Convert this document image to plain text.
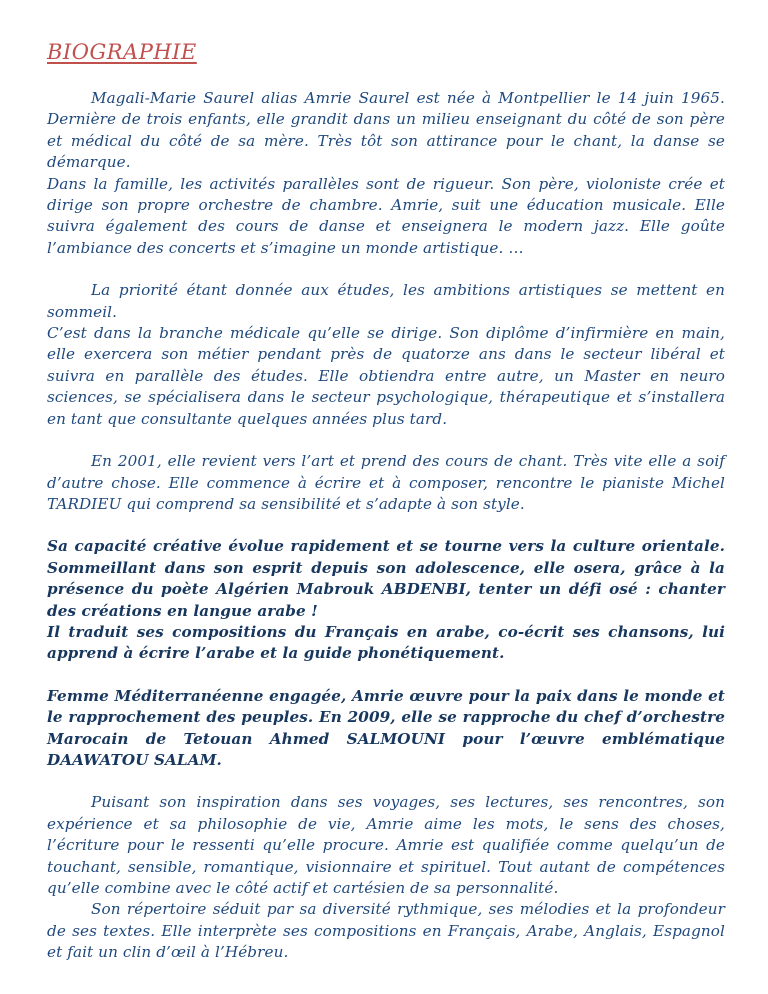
BIOGRAPHIE
Magali-Marie Saurel alias Amrie Saurel est née à Montpellier le 14 juin 1965. Dernière de trois enfants, elle grandit dans un milieu enseignant du côté de son père et médical du côté de sa mère. Très tôt son attirance pour le chant, la danse se démarque.
Dans la famille, les activités parallèles sont de rigueur. Son père, violoniste crée et dirige son propre orchestre de chambre. Amrie, suit une éducation musicale. Elle suivra également des cours de danse et enseignera le modern jazz. Elle goûte l’ambiance des concerts et s’imagine un monde artistique. …
La priorité étant donnée aux études, les ambitions artistiques se mettent en sommeil.
C’est dans la branche médicale qu’elle se dirige. Son diplôme d’infirmière en main, elle exercera son métier pendant près de quatorze ans dans le secteur libéral et suivra en parallèle des études. Elle obtiendra entre autre, un Master en neuro sciences, se spécialisera dans le secteur psychologique, thérapeutique et s’installera en tant que consultante quelques années plus tard.
En 2001, elle revient vers l’art et prend des cours de chant. Très vite elle a soif d’autre chose. Elle commence à écrire et à composer, rencontre le pianiste Michel TARDIEU qui comprend sa sensibilité et s’adapte à son style.
Sa capacité créative évolue rapidement et se tourne vers la culture orientale. Sommeillant dans son esprit depuis son adolescence, elle osera, grâce à la présence du poète Algérien Mabrouk ABDENBI, tenter un défi osé : chanter des créations en langue arabe !
Il traduit ses compositions du Français en arabe, co-écrit ses chansons, lui apprend à écrire l’arabe et la guide phonétiquement.
Femme Méditerranéenne engagée, Amrie œuvre pour la paix dans le monde et le rapprochement des peuples. En 2009, elle se rapproche du chef d’orchestre Marocain de Tetouan Ahmed SALMOUNI pour l’œuvre emblématique DAAWATOU SALAM.
Puisant son inspiration dans ses voyages, ses lectures, ses rencontres, son expérience et sa philosophie de vie, Amrie aime les mots, le sens des choses, l’écriture pour le ressenti qu’elle procure. Amrie est qualifiée comme quelqu’un de touchant, sensible, romantique, visionnaire et spirituel. Tout autant de compétences qu’elle combine avec le côté actif et cartésien de sa personnalité.
Son répertoire séduit par sa diversité rythmique, ses mélodies et la profondeur de ses textes. Elle interprète ses compositions en Français, Arabe, Anglais, Espagnol et fait un clin d’œil à l’Hébreu.
